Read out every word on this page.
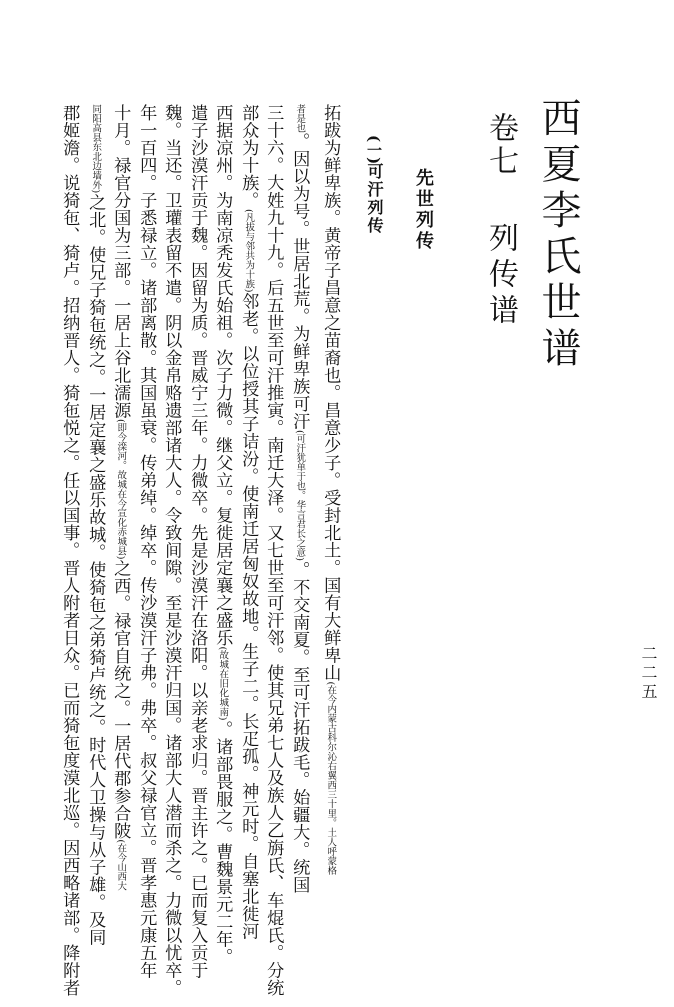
西夏李氏世谱
卷七
列传谱
先世列传
(一)
可汗列传
拓跋为鲜卑族。黄帝子昌意之苗裔也。昌意少子。受封北土。国有大鲜卑山(在今内蒙古科尔沁右翼西三十里。土人呼蒙格
者是也。因以为号。世居北荒。为鲜卑族可汗(可汗犹单于也。华言君长之意)。不交南夏。至可汗拓跋毛。始疆大。统国
三十六。大姓九十九。后五世至可汗推寅。南迁大泽。又七世至可汗邻。使其兄弟七人及族人乙旃氏、车焜氏。分统
部众为十族。(凡拔与邻共为十族)邻老。以位授其子诘汾。使南迁居匈奴故地。生子二。长疋孤。神元时。自塞北徙河
西据凉州。为南凉秃发氏始祖。次子力微。继父立。复徙居定襄之盛乐(故城在旧化城南)。诸部畏服之。曹魏景元二年。
遣子沙漠汗贡于魏。因留为质。晋威宁三年。力微卒。先是沙漠汗在洛阳。以亲老求归。晋主许之。已而复入贡于
魏。当还。卫瓘表留不遣。阴以金帛赂遗部诸大人。令致间隙。至是沙漠汗归国。诸部大人潜而杀之。力微以忧卒。
年一百四。子悉禄立。诸部离散。其国虽衰。传弟绰。绰卒。传沙漠汗子弗。弗卒。叔父禄官立。晋孝惠元康五年
十月。禄官分国为三部。一居上谷北濡源(即今滦河。故城在今宣化赤城县)之西。禄官自统之。一居代郡参合陂(在今山西大
同阳高县东北边墙外)之北。使兄子猗㐌统之。一居定襄之盛乐故城。使猗㐌之弟猗卢统之。时代人卫操与从子雄。及同
郡姬澹。说猗㐌、猗卢。招纳晋人。猗㐌悦之。任以国事。晋人附者日众。已而猗㐌度漠北巡。因西略诸部。降附者	二二五
